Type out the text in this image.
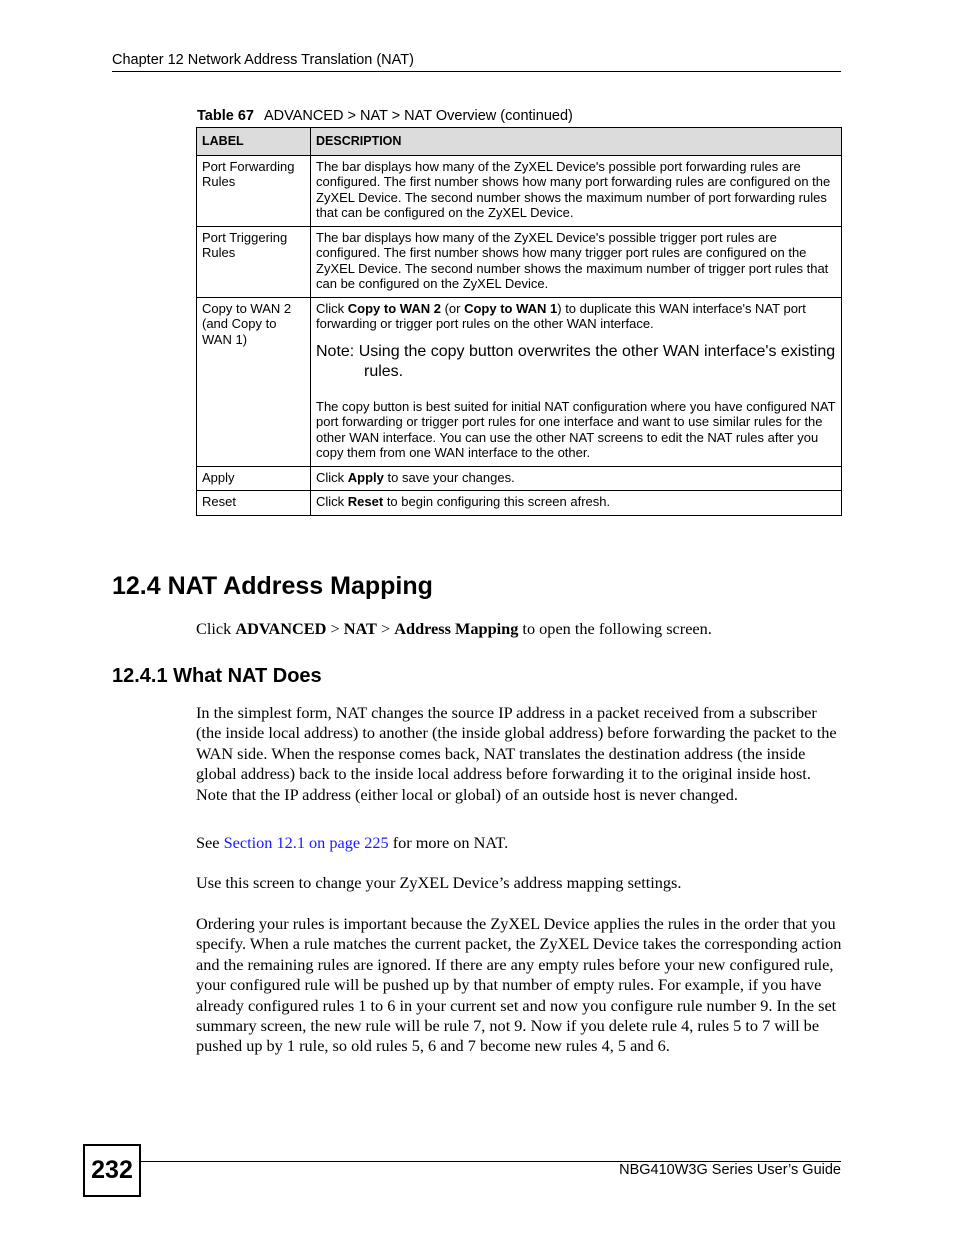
Chapter 12 Network Address Translation (NAT)
Table 67 ADVANCED > NAT > NAT Overview (continued)
LABEL	DESCRIPTION
Port Forwarding Rules	The bar displays how many of the ZyXEL Device's possible port forwarding rules are configured. The first number shows how many port forwarding rules are configured on the ZyXEL Device. The second number shows the maximum number of port forwarding rules that can be configured on the ZyXEL Device.
Port Triggering Rules	The bar displays how many of the ZyXEL Device's possible trigger port rules are configured. The first number shows how many trigger port rules are configured on the ZyXEL Device. The second number shows the maximum number of trigger port rules that can be configured on the ZyXEL Device.
Copy to WAN 2 (and Copy to WAN 1)	Click Copy to WAN 2 (or Copy to WAN 1) to duplicate this WAN interface's NAT port forwarding or trigger port rules on the other WAN interface.

Note: Using the copy button overwrites the other WAN interface's existing rules.

The copy button is best suited for initial NAT configuration where you have configured NAT port forwarding or trigger port rules for one interface and want to use similar rules for the other WAN interface. You can use the other NAT screens to edit the NAT rules after you copy them from one WAN interface to the other.

Apply	Click Apply to save your changes.
Reset	Click Reset to begin configuring this screen afresh.
12.4 NAT Address Mapping

Click ADVANCED > NAT > Address Mapping to open the following screen.

12.4.1 What NAT Does

In the simplest form, NAT changes the source IP address in a packet received from a subscriber (the inside local address) to another (the inside global address) before forwarding the packet to the WAN side. When the response comes back, NAT translates the destination address (the inside global address) back to the inside local address before forwarding it to the original inside host. Note that the IP address (either local or global) of an outside host is never changed.

See Section 12.1 on page 225 for more on NAT.

Use this screen to change your ZyXEL Device’s address mapping settings.

Ordering your rules is important because the ZyXEL Device applies the rules in the order that you specify. When a rule matches the current packet, the ZyXEL Device takes the corresponding action and the remaining rules are ignored. If there are any empty rules before your new configured rule, your configured rule will be pushed up by that number of empty rules. For example, if you have already configured rules 1 to 6 in your current set and now you configure rule number 9. In the set summary screen, the new rule will be rule 7, not 9. Now if you delete rule 4, rules 5 to 7 will be pushed up by 1 rule, so old rules 5, 6 and 7 become new rules 4, 5 and 6.

232	NBG410W3G Series User’s Guide
